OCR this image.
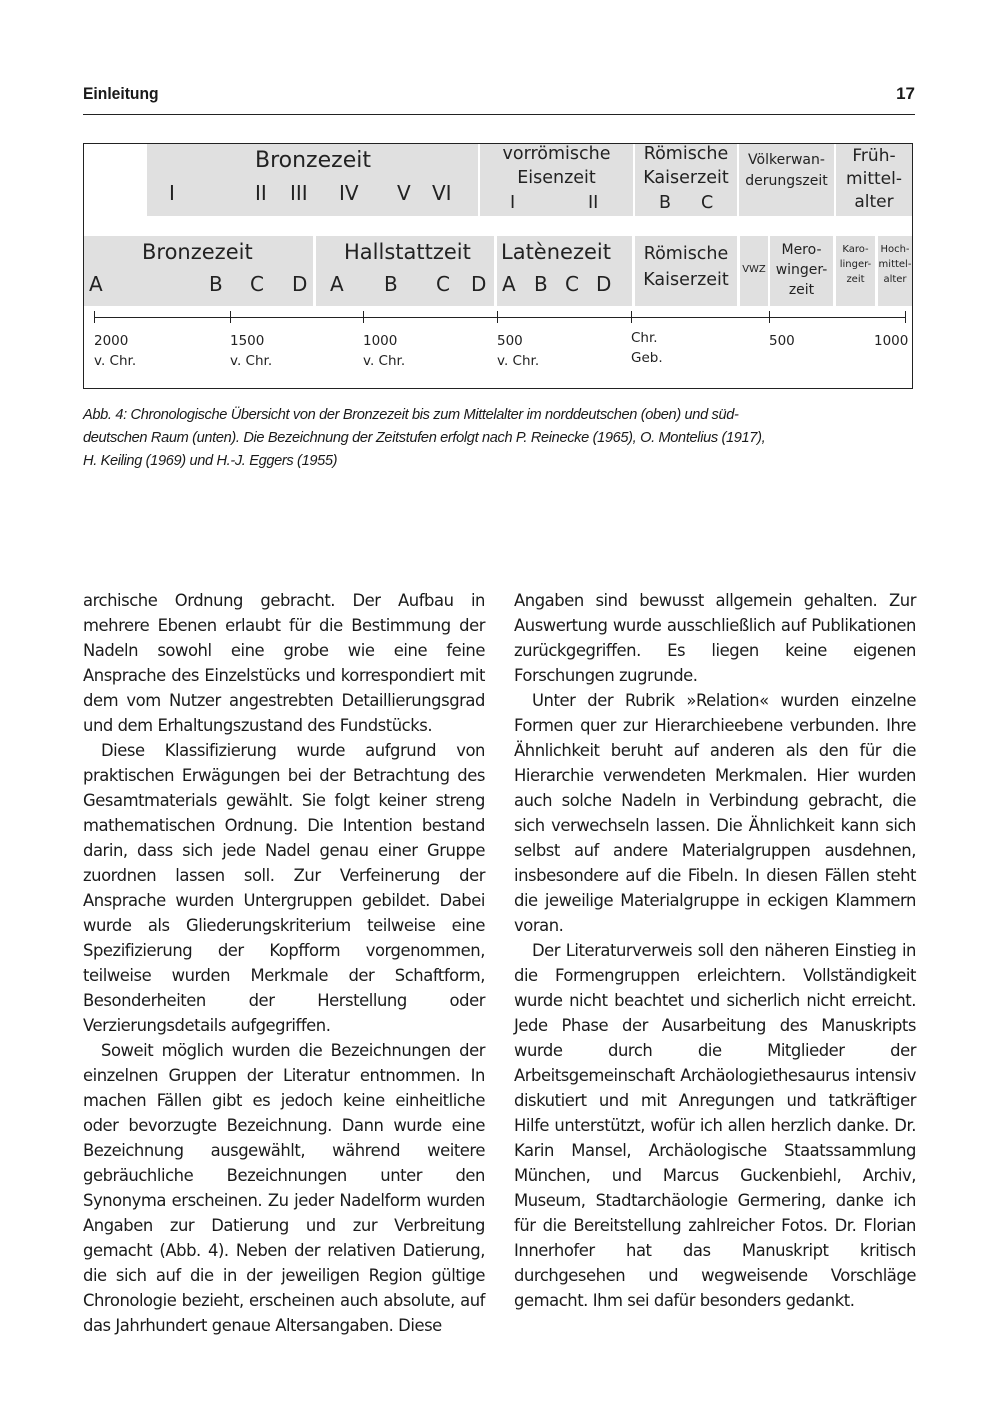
Einleitung	17
Bronzezeit
I	II III IV V VI
vorrömische
Eisenzeit
I	II
Römische
Kaiserzeit
B C
Völkerwan-
derungszeit
Früh-
mittel-
alter
Bronzezeit
A	B C D
Hallstattzeit
A B C D
Latènezeit
A B C D
Römische
Kaiserzeit
VWZ
Mero-
winger-
zeit
Karo-
linger-
zeit
Hoch-
mittel-
alter
2000
v. Chr.
1500
v. Chr.
1000
v. Chr.
500
v. Chr.
Chr.
Geb.
500	1000
Abb. 4: Chronologische Übersicht von der Bronzezeit bis zum Mittelalter im norddeutschen (oben) und süd-
deutschen Raum (unten). Die Bezeichnung der Zeitstufen erfolgt nach P. Reinecke (1965), O. Montelius (1917),
H. Keiling (1969) und H.-J. Eggers (1955)

archische Ordnung gebracht. Der Aufbau in mehrere Ebenen erlaubt für die Bestimmung der Nadeln sowohl eine grobe wie eine feine Ansprache des Einzelstücks und korrespondiert mit dem vom Nutzer angestrebten Detaillierungsgrad und dem Erhaltungszustand des Fundstücks.

Diese Klassifizierung wurde aufgrund von praktischen Erwägungen bei der Betrachtung des Gesamtmaterials gewählt. Sie folgt keiner streng mathematischen Ordnung. Die Intention bestand darin, dass sich jede Nadel genau einer Gruppe zuordnen lassen soll. Zur Verfeinerung der Ansprache wurden Untergruppen gebildet. Dabei wurde als Gliederungskriterium teilweise eine Spezifizierung der Kopfform vorgenommen, teilweise wurden Merkmale der Schaftform, Besonderheiten der Herstellung oder Verzierungsdetails aufgegriffen.

Soweit möglich wurden die Bezeichnungen der einzelnen Gruppen der Literatur entnommen. In machen Fällen gibt es jedoch keine einheitliche oder bevorzugte Bezeichnung. Dann wurde eine Bezeichnung ausgewählt, während weitere gebräuchliche Bezeichnungen unter den Synonyma erscheinen. Zu jeder Nadelform wurden Angaben zur Datierung und zur Verbreitung gemacht (Abb. 4). Neben der relativen Datierung, die sich auf die in der jeweiligen Region gültige Chronologie bezieht, erscheinen auch absolute, auf das Jahrhundert genaue Altersangaben. Diese

Angaben sind bewusst allgemein gehalten. Zur Auswertung wurde ausschließlich auf Publikationen zurückgegriffen. Es liegen keine eigenen Forschungen zugrunde.

Unter der Rubrik »Relation« wurden einzelne Formen quer zur Hierarchieebene verbunden. Ihre Ähnlichkeit beruht auf anderen als den für die Hierarchie verwendeten Merkmalen. Hier wurden auch solche Nadeln in Verbindung gebracht, die sich verwechseln lassen. Die Ähnlichkeit kann sich selbst auf andere Materialgruppen ausdehnen, insbesondere auf die Fibeln. In diesen Fällen steht die jeweilige Materialgruppe in eckigen Klammern voran.

Der Literaturverweis soll den näheren Einstieg in die Formengruppen erleichtern. Vollständigkeit wurde nicht beachtet und sicherlich nicht erreicht. Jede Phase der Ausarbeitung des Manuskripts wurde durch die Mitglieder der Arbeitsgemeinschaft Archäologiethesaurus intensiv diskutiert und mit Anregungen und tatkräftiger Hilfe unterstützt, wofür ich allen herzlich danke. Dr. Karin Mansel, Archäologische Staatssammlung München, und Marcus Guckenbiehl, Archiv, Museum, Stadtarchäologie Germering, danke ich für die Bereitstellung zahlreicher Fotos. Dr. Florian Innerhofer hat das Manuskript kritisch durchgesehen und wegweisende Vorschläge gemacht. Ihm sei dafür besonders gedankt.
